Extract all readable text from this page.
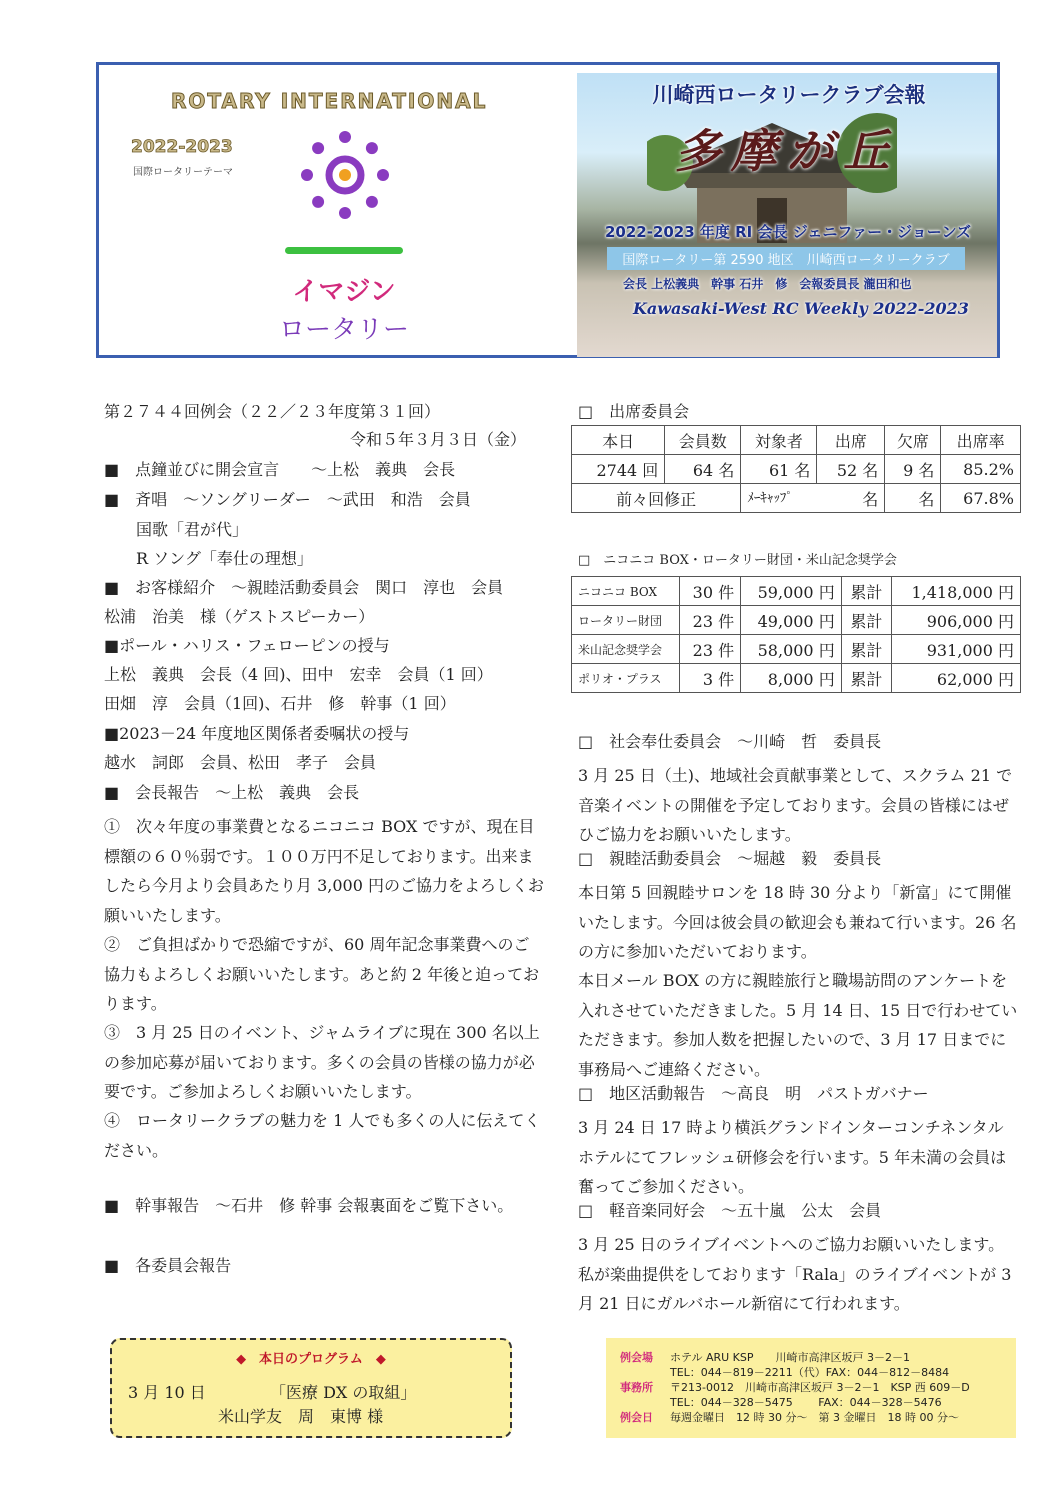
ROTARY INTERNATIONAL
2022-2023
国際ロータリーテーマ
イマジン
ロータリー
川崎西ロータリークラブ会報
多摩が丘
2022-2023 年度 RI 会長 ジェニファー・ジョーンズ
国際ロータリー第 2590 地区　川崎西ロータリークラブ
会長 上松義典　幹事 石井　修　会報委員長 瀧田和也
Kawasaki-West RC Weekly 2022-2023
第２７４４回例会（２２／２３年度第３１回）
令和５年３月３日（金）
■　点鐘並びに開会宣言　　～上松　義典　会長
■　斉唱　～ソングリーダー　～武田　和浩　会員
国歌「君が代」
R ソング「奉仕の理想」
■　お客様紹介　～親睦活動委員会　関口　淳也　会員
松浦　治美　様（ゲストスピーカー）
■ポール・ハリス・フェローピンの授与
上松　義典　会長（4 回)、田中　宏幸　会員（1 回）
田畑　淳　会員（1回)、石井　修　幹事（1 回）
■2023－24 年度地区関係者委嘱状の授与
越水　詞郎　会員、松田　孝子　会員
■　会長報告　～上松　義典　会長
①　次々年度の事業費となるニコニコ BOX ですが、現在目標額の６０％弱です。１００万円不足しております。出来ましたら今月より会員あたり月 3,000 円のご協力をよろしくお願いいたします。
②　ご負担ばかりで恐縮ですが、60 周年記念事業費へのご協力もよろしくお願いいたします。あと約 2 年後と迫っております。
③　3 月 25 日のイベント、ジャムライブに現在 300 名以上の参加応募が届いております。多くの会員の皆様の協力が必要です。ご参加よろしくお願いいたします。
④　ロータリークラブの魅力を 1 人でも多くの人に伝えてください。
■　幹事報告　～石井　修 幹事 会報裏面をご覧下さい。
■　各委員会報告
□　出席委員会
本日	会員数	対象者	出席	欠席	出席率
2744 回	64 名	61 名	52 名	9 名	85.2%
前々回修正		ﾒｰｷｬｯﾌﾟ 名		名	67.8%
□　ニコニコ BOX・ロータリー財団・米山記念奨学会
ニコニコ BOX	30 件	59,000 円	累計	1,418,000 円
ロータリー財団	23 件	49,000 円	累計	906,000 円
米山記念奨学会	23 件	58,000 円	累計	931,000 円
ポリオ・プラス	3 件	8,000 円	累計	62,000 円
□　社会奉仕委員会　～川崎　哲　委員長
3 月 25 日（土)、地域社会貢献事業として、スクラム 21 で音楽イベントの開催を予定しております。会員の皆様にはぜひご協力をお願いいたします。
□　親睦活動委員会　～堀越　毅　委員長
本日第 5 回親睦サロンを 18 時 30 分より「新富」にて開催いたします。今回は彼会員の歓迎会も兼ねて行います。26 名の方に参加いただいております。
本日メール BOX の方に親睦旅行と職場訪問のアンケートを入れさせていただきました。5 月 14 日、15 日で行わせていただきます。参加人数を把握したいので、3 月 17 日までに事務局へご連絡ください。
□　地区活動報告　～高良　明　パストガバナー
3 月 24 日 17 時より横浜グランドインターコンチネンタルホテルにてフレッシュ研修会を行います。5 年未満の会員は奮ってご参加ください。
□　軽音楽同好会　～五十嵐　公太　会員
3 月 25 日のライブイベントへのご協力お願いいたします。私が楽曲提供をしております「Rala」のライブイベントが 3 月 21 日にガルバホール新宿にて行われます。
◆　本日のプログラム　◆
3 月 10 日	「医療 DX の取組」
米山学友　周　東博 様
例会場 ホテル ARU KSP　　川崎市高津区坂戸 3－2－1
TEL：044－819－2211（代）FAX：044－812－8484
事務所 〒213-0012　川崎市高津区坂戸 3－2－1　KSP 西 609－D
TEL：044－328－5475　　 FAX：044－328－5476
例会日 毎週金曜日　12 時 30 分～　第 3 金曜日　18 時 00 分～
